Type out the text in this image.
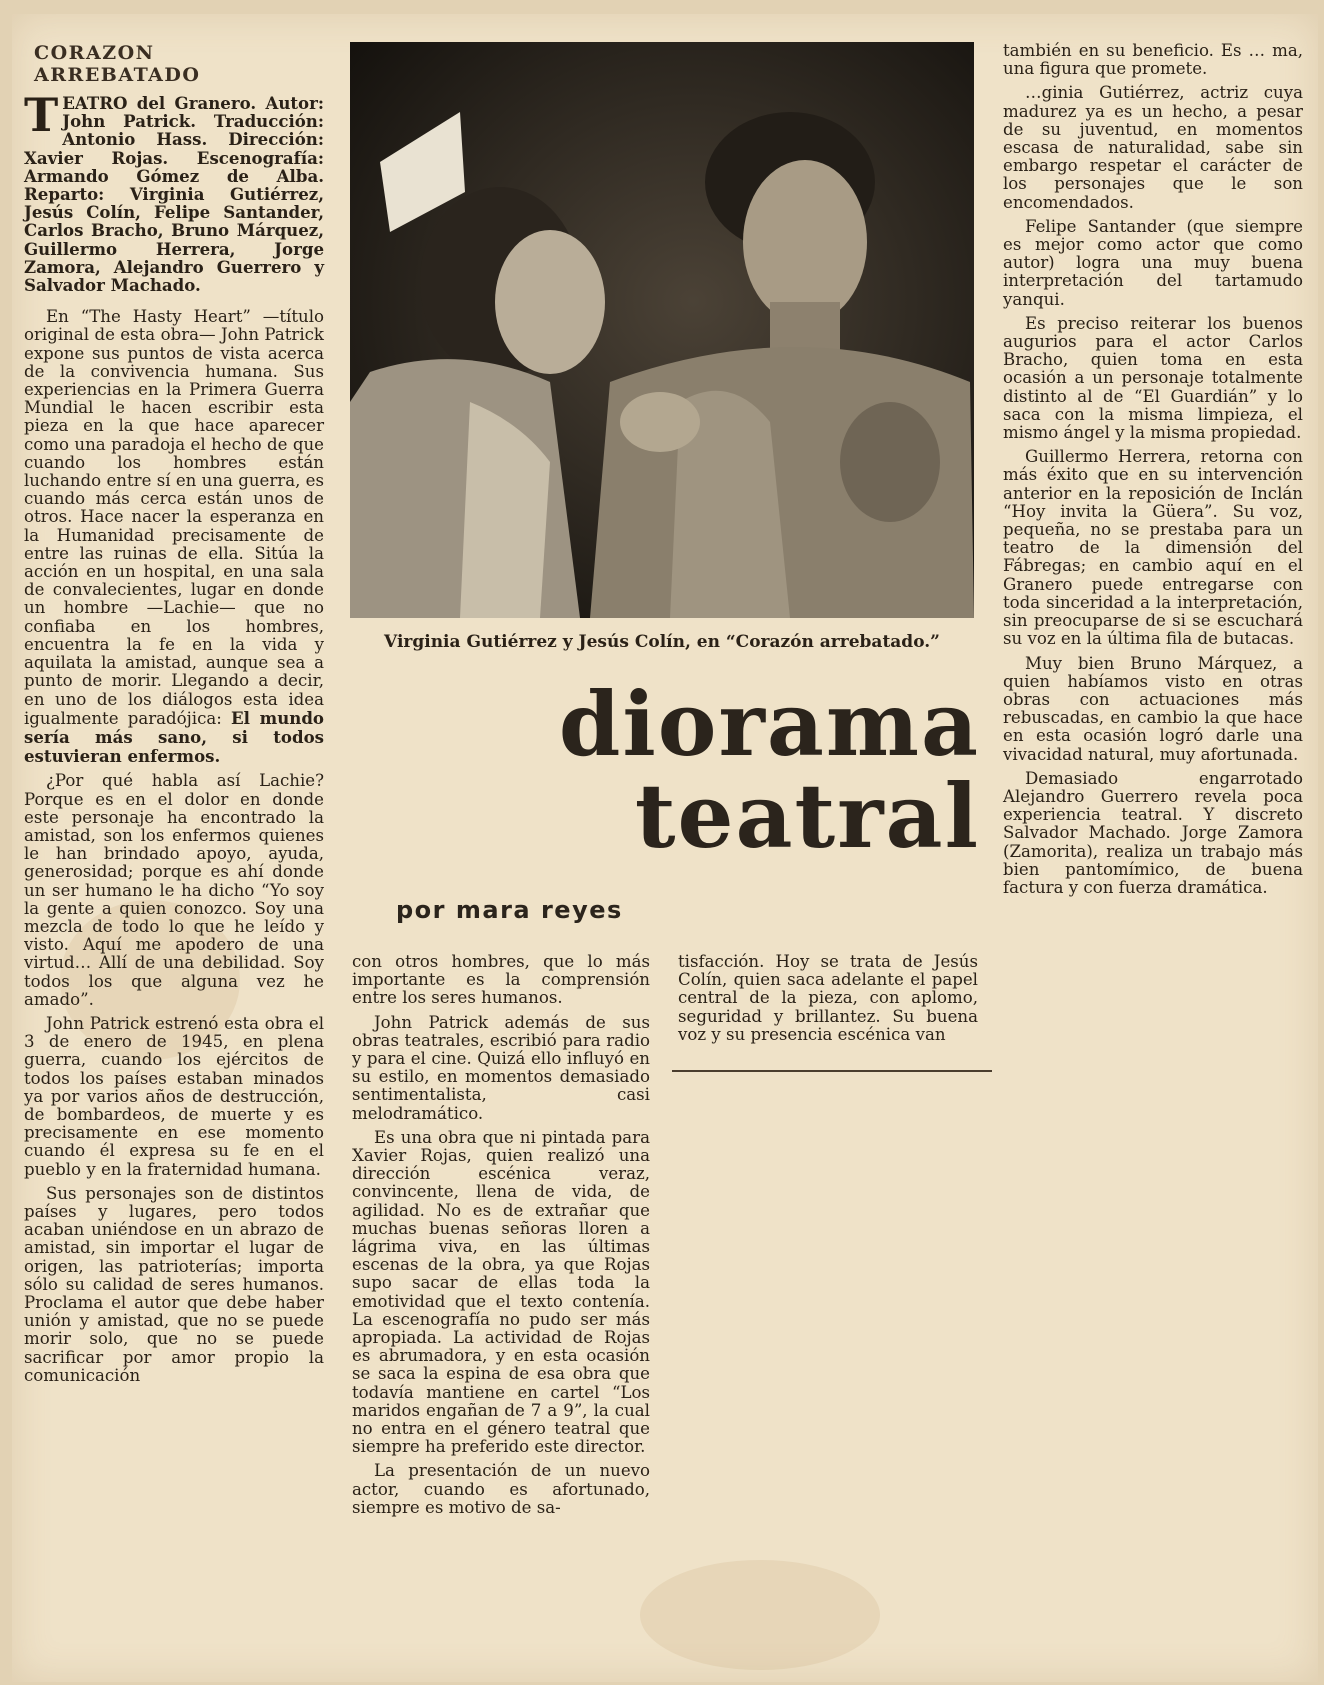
CORAZON ARREBATADO
TEATRO del Granero. Autor: John Patrick. Traducción: Antonio Hass. Dirección: Xavier Rojas. Escenografía: Armando Gómez de Alba. Reparto: Virginia Gutiérrez, Jesús Colín, Felipe Santander, Carlos Bracho, Bruno Márquez, Guillermo Herrera, Jorge Zamora, Alejandro Guerrero y Salvador Machado.

En “The Hasty Heart” —título original de esta obra— John Patrick expone sus puntos de vista acerca de la convivencia humana. Sus experiencias en la Primera Guerra Mundial le hacen escribir esta pieza en la que hace aparecer como una paradoja el hecho de que cuando los hombres están luchando entre sí en una guerra, es cuando más cerca están unos de otros. Hace nacer la esperanza en la Humanidad precisamente de entre las ruinas de ella. Sitúa la acción en un hospital, en una sala de convalecientes, lugar en donde un hombre —Lachie— que no confiaba en los hombres, encuentra la fe en la vida y aquilata la amistad, aunque sea a punto de morir. Llegando a decir, en uno de los diálogos esta idea igualmente paradójica: El mundo sería más sano, si todos estuvieran enfermos.

¿Por qué habla así Lachie? Porque es en el dolor en donde este personaje ha encontrado la amistad, son los enfermos quienes le han brindado apoyo, ayuda, generosidad; porque es ahí donde un ser humano le ha dicho “Yo soy la gente a quien conozco. Soy una mezcla de todo lo que he leído y visto. Aquí me apodero de una virtud… Allí de una debilidad. Soy todos los que alguna vez he amado”.

John Patrick estrenó esta obra el 3 de enero de 1945, en plena guerra, cuando los ejércitos de todos los países estaban minados ya por varios años de destrucción, de bombardeos, de muerte y es precisamente en ese momento cuando él expresa su fe en el pueblo y en la fraternidad humana.

Sus personajes son de distintos países y lugares, pero todos acaban uniéndose en un abrazo de amistad, sin importar el lugar de origen, las patrioterías; importa sólo su calidad de seres humanos. Proclama el autor que debe haber unión y amistad, que no se puede morir solo, que no se puede sacrificar por amor propio la comunicación

Virginia Gutiérrez y Jesús Colín, en “Corazón arrebatado.”
diorama
teatral
por mara reyes

con otros hombres, que lo más importante es la comprensión entre los seres humanos.

John Patrick además de sus obras teatrales, escribió para radio y para el cine. Quizá ello influyó en su estilo, en momentos demasiado sentimentalista, casi melodramático.

Es una obra que ni pintada para Xavier Rojas, quien realizó una dirección escénica veraz, convincente, llena de vida, de agilidad. No es de extrañar que muchas buenas señoras lloren a lágrima viva, en las últimas escenas de la obra, ya que Rojas supo sacar de ellas toda la emotividad que el texto contenía. La escenografía no pudo ser más apropiada. La actividad de Rojas es abrumadora, y en esta ocasión se saca la espina de esa obra que todavía mantiene en cartel “Los maridos engañan de 7 a 9”, la cual no entra en el género teatral que siempre ha preferido este director.

La presentación de un nuevo actor, cuando es afortunado, siempre es motivo de sa-

tisfacción. Hoy se trata de Jesús Colín, quien saca adelante el papel central de la pieza, con aplomo, seguridad y brillantez. Su buena voz y su presencia escénica van

también en su beneficio. Es … ma, una figura que promete.

…ginia Gutiérrez, actriz cuya madurez ya es un hecho, a pesar de su juventud, en momentos escasa de naturalidad, sabe sin embargo respetar el carácter de los personajes que le son encomendados.

Felipe Santander (que siempre es mejor como actor que como autor) logra una muy buena interpretación del tartamudo yanqui.

Es preciso reiterar los buenos augurios para el actor Carlos Bracho, quien toma en esta ocasión a un personaje totalmente distinto al de “El Guardián” y lo saca con la misma limpieza, el mismo ángel y la misma propiedad.

Guillermo Herrera, retorna con más éxito que en su intervención anterior en la reposición de Inclán “Hoy invita la Güera”. Su voz, pequeña, no se prestaba para un teatro de la dimensión del Fábregas; en cambio aquí en el Granero puede entregarse con toda sinceridad a la interpretación, sin preocuparse de si se escuchará su voz en la última fila de butacas.

Muy bien Bruno Márquez, a quien habíamos visto en otras obras con actuaciones más rebuscadas, en cambio la que hace en esta ocasión logró darle una vivacidad natural, muy afortunada.

Demasiado engarrotado Alejandro Guerrero revela poca experiencia teatral. Y discreto Salvador Machado. Jorge Zamora (Zamorita), realiza un trabajo más bien pantomímico, de buena factura y con fuerza dramática.
